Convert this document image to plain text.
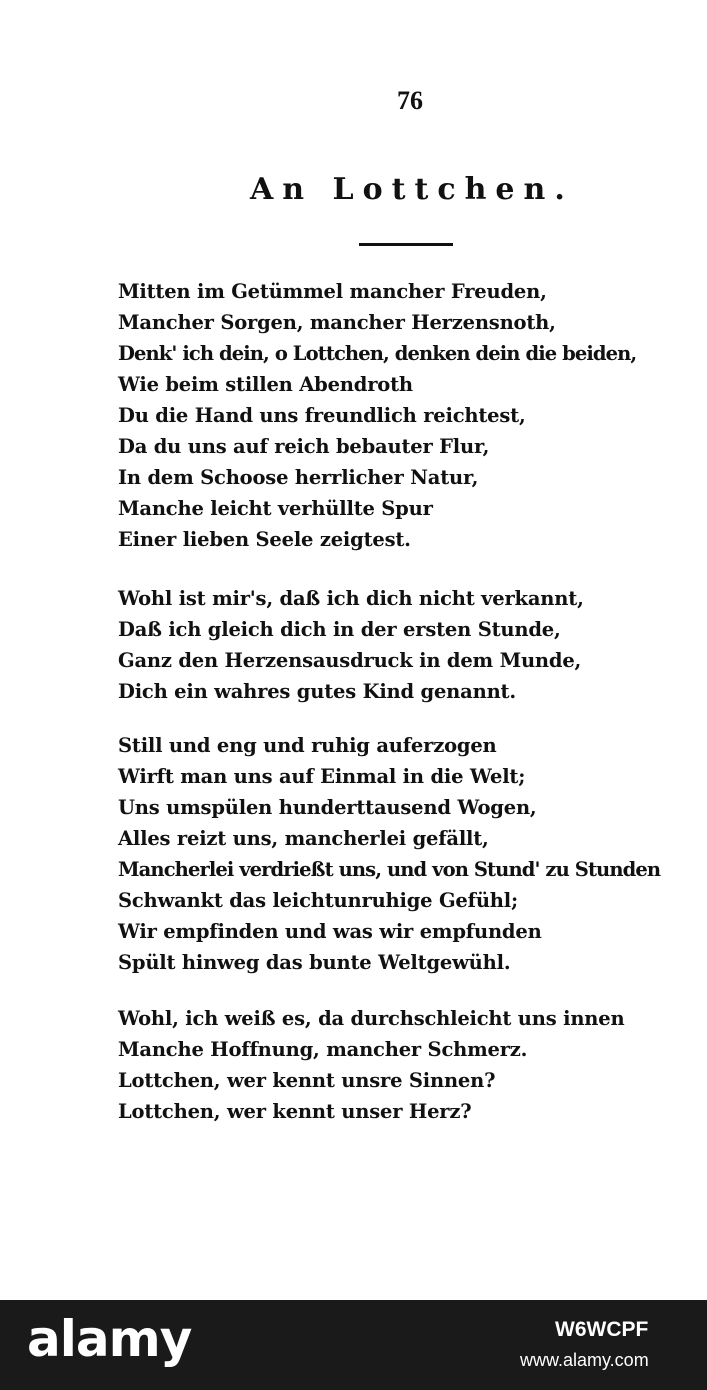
76
An Lottchen.
Mitten im Getümmel mancher Freuden,
Mancher Sorgen, mancher Herzensnoth,
Denk' ich dein, o Lottchen, denken dein die beiden,
Wie beim stillen Abendroth
Du die Hand uns freundlich reichtest,
Da du uns auf reich bebauter Flur,
In dem Schoose herrlicher Natur,
Manche leicht verhüllte Spur
Einer lieben Seele zeigtest.
Wohl ist mir's, daß ich dich nicht verkannt,
Daß ich gleich dich in der ersten Stunde,
Ganz den Herzensausdruck in dem Munde,
Dich ein wahres gutes Kind genannt.
Still und eng und ruhig auferzogen
Wirft man uns auf Einmal in die Welt;
Uns umspülen hunderttausend Wogen,
Alles reizt uns, mancherlei gefällt,
Mancherlei verdrießt uns, und von Stund' zu Stunden
Schwankt das leichtunruhige Gefühl;
Wir empfinden und was wir empfunden
Spült hinweg das bunte Weltgewühl.
Wohl, ich weiß es, da durchschleicht uns innen
Manche Hoffnung, mancher Schmerz.
Lottchen, wer kennt unsre Sinnen?
Lottchen, wer kennt unser Herz?
alamy	W6WCPF
www.alamy.com
